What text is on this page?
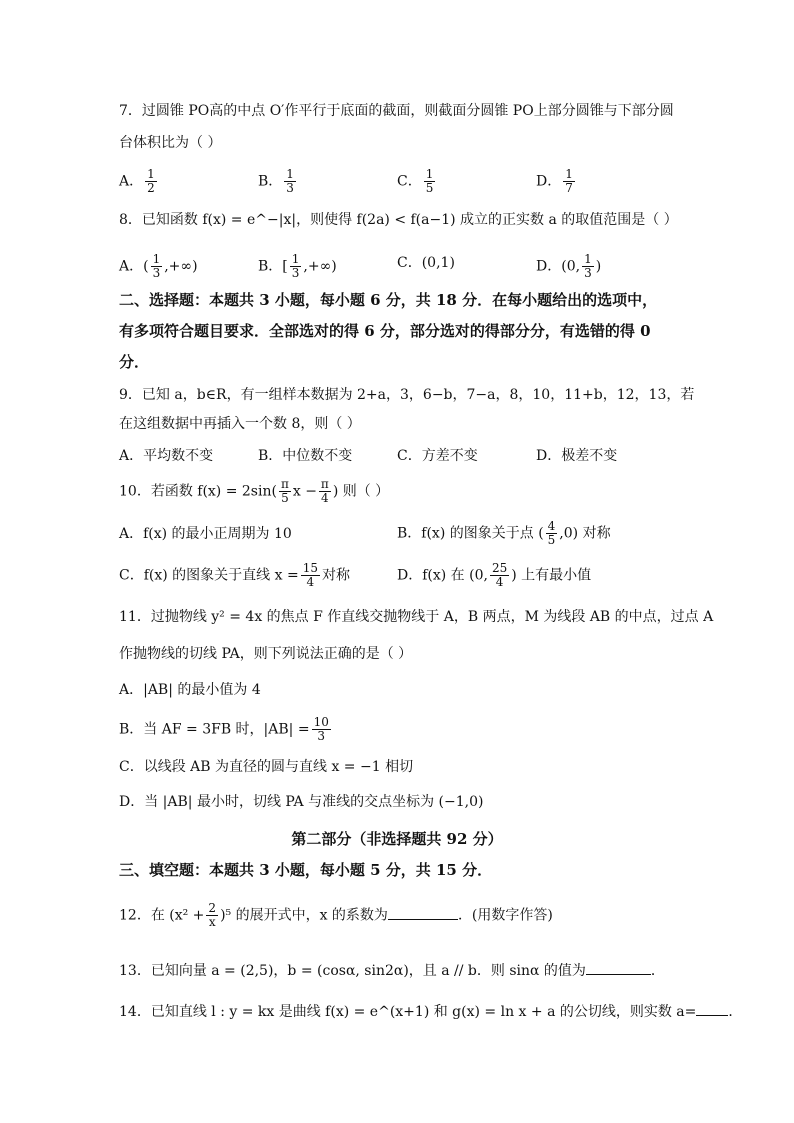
7．过圆锥 PO高的中点 O′作平行于底面的截面，则截面分圆锥 PO上部分圆锥与下部分圆
台体积比为（ ）
A． $\frac{1}{2}$	B． $\frac{1}{3}$	C． $\frac{1}{5}$	D． $\frac{1}{7}$
8．已知函数 f(x) = e^−|x|，则使得 f(2a) < f(a−1) 成立的正实数 a 的取值范围是（ ）
A．( $\frac{1}{3}$ ,+∞)	B．[ $\frac{1}{3}$ ,+∞)	C．(0,1)	D．(0, $\frac{1}{3}$ )
二、选择题：本题共 3 小题，每小题 6 分，共 18 分．在每小题给出的选项中，
有多项符合题目要求．全部选对的得 6 分，部分选对的得部分分，有选错的得 0
分．
9．已知 a，b∈R，有一组样本数据为 2+a，3，6−b，7−a，8，10，11+b，12，13，若
在这组数据中再插入一个数 8，则（ ）
A．平均数不变	B．中位数不变	C．方差不变	D．极差不变
10．若函数 $f(x) = 2\sin( \frac{\pi}{5}$ $x - \frac{\pi}{4}$ ) 则（ ）
A．f(x) 的最小正周期为 10	B．f(x) 的图象关于点 ( $\frac{4}{5} ,0$) 对称
C．f(x) 的图象关于直线 $x = \frac{15}{4}$ 对称	D．f(x) 在 (0, $\frac{25}{4}$ ) 上有最小值
11．过抛物线 y² = 4x 的焦点 F 作直线交抛物线于 A，B 两点，M 为线段 AB 的中点，过点 A
作抛物线的切线 PA，则下列说法正确的是（ ）
A．|AB| 的最小值为 4
B．当 AF = 3FB 时，$|AB| = \frac{10}{3}$
C．以线段 AB 为直径的圆与直线 x = −1 相切
D．当 |AB| 最小时，切线 PA 与准线的交点坐标为 (−1,0)
第二部分（非选择题共 92 分）
三、填空题：本题共 3 小题，每小题 5 分，共 15 分．
12．在 $(x^2 + \frac{2}{x} )^5$ 的展开式中，x 的系数为	．(用数字作答)
13．已知向量 a = (2,5)，b = (cosα, sin2α)，且 a // b．则 sinα 的值为	．
14．已知直线 l : y = kx 是曲线 f(x) = e^(x+1) 和 g(x) = ln x + a 的公切线，则实数 a= ．
